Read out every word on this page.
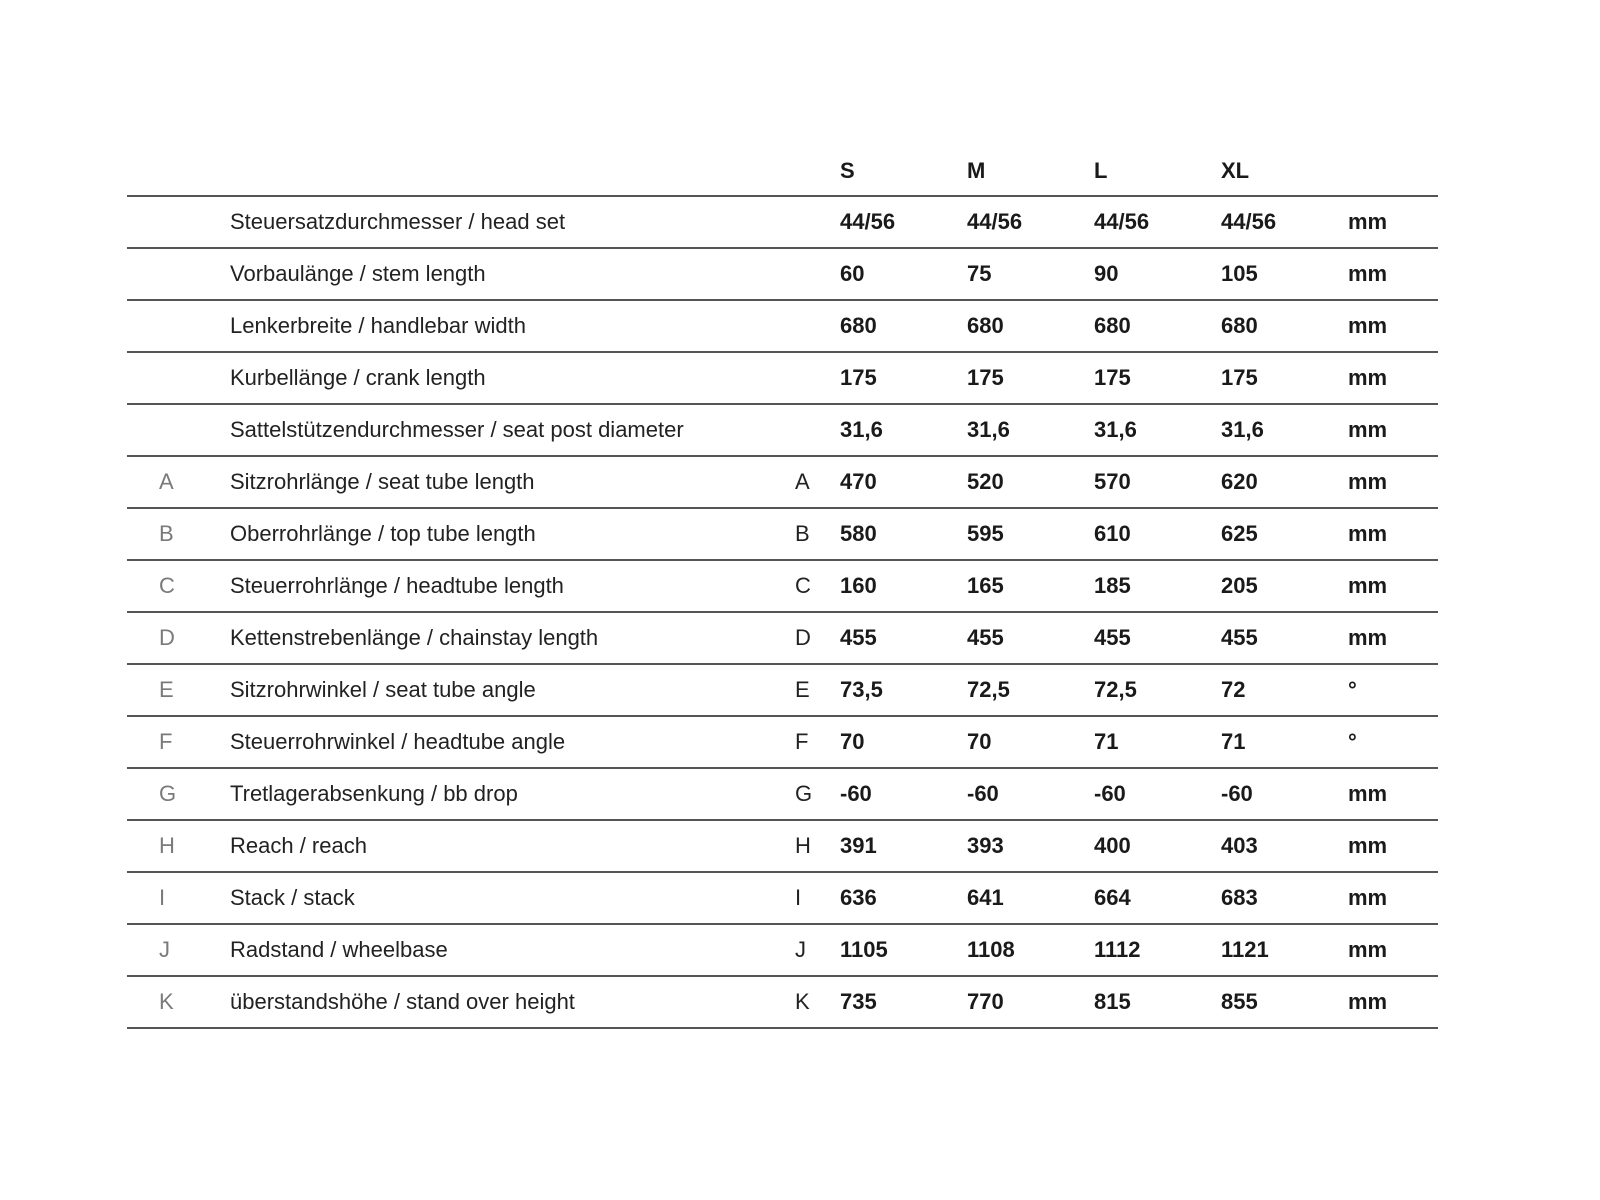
			S	M	L	XL	
	Steuersatzdurchmesser / head set		44/56	44/56	44/56	44/56	mm
	Vorbaulänge / stem length		60	75	90	105	mm
	Lenkerbreite / handlebar width		680	680	680	680	mm
	Kurbellänge / crank length		175	175	175	175	mm
	Sattelstützendurchmesser / seat post diameter		31,6	31,6	31,6	31,6	mm
A	Sitzrohrlänge / seat tube length	A	470	520	570	620	mm
B	Oberrohrlänge / top tube length	B	580	595	610	625	mm
C	Steuerrohrlänge / headtube length	C	160	165	185	205	mm
D	Kettenstrebenlänge / chainstay length	D	455	455	455	455	mm
E	Sitzrohrwinkel / seat tube angle	E	73,5	72,5	72,5	72	°
F	Steuerrohrwinkel / headtube angle	F	70	70	71	71	°
G	Tretlagerabsenkung / bb drop	G	-60	-60	-60	-60	mm
H	Reach / reach	H	391	393	400	403	mm
I	Stack / stack	I	636	641	664	683	mm
J	Radstand / wheelbase	J	1105	1108	1112	1121	mm
K	überstandshöhe / stand over height	K	735	770	815	855	mm
